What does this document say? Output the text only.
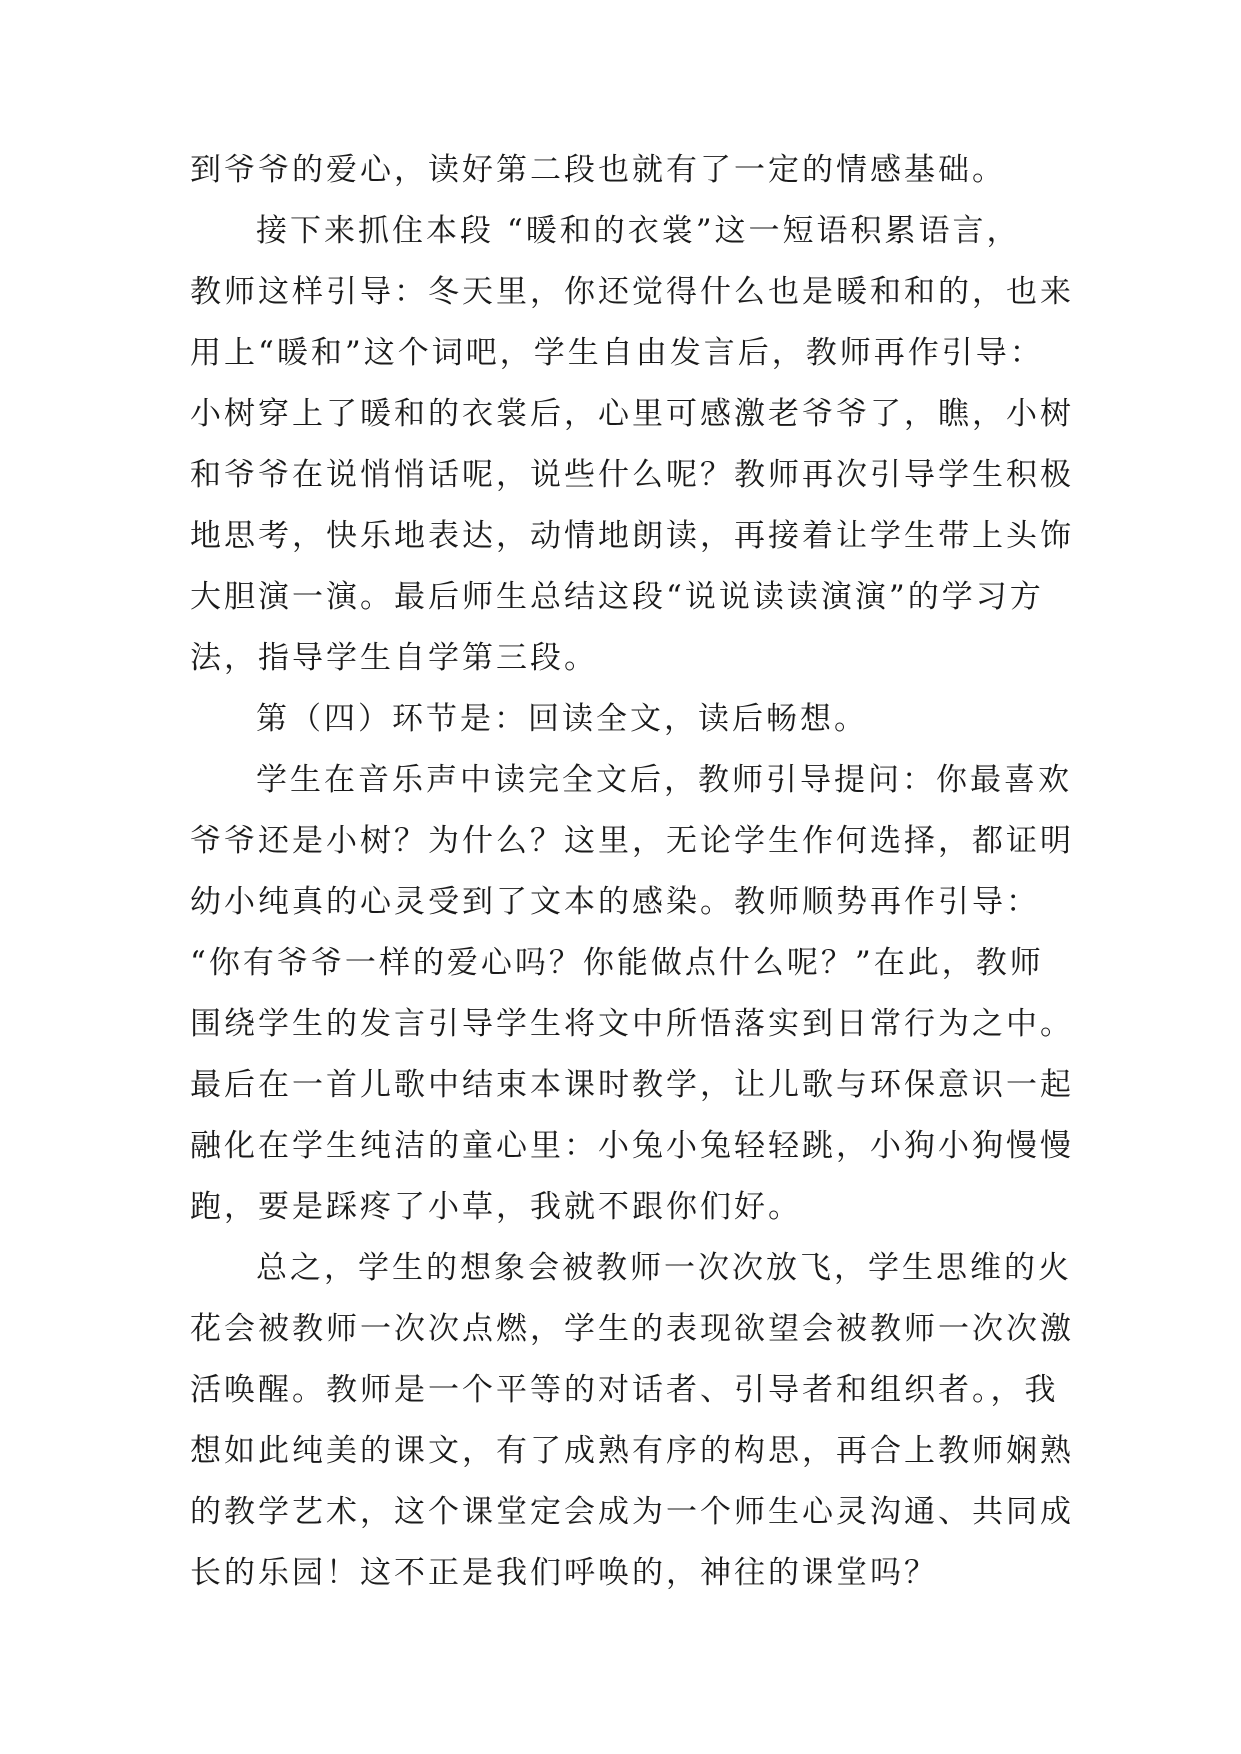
到爷爷的爱心，读好第二段也就有了一定的情感基础。
接下来抓住本段 “暖和的衣裳”这一短语积累语言，
教师这样引导：冬天里，你还觉得什么也是暖和和的，也来
用上“暖和”这个词吧，学生自由发言后，教师再作引导：
小树穿上了暖和的衣裳后，心里可感激老爷爷了，瞧，小树
和爷爷在说悄悄话呢，说些什么呢？教师再次引导学生积极
地思考，快乐地表达，动情地朗读，再接着让学生带上头饰
大胆演一演。最后师生总结这段“说说读读演演”的学习方
法，指导学生自学第三段。
第（四）环节是：回读全文，读后畅想。
学生在音乐声中读完全文后，教师引导提问：你最喜欢
爷爷还是小树？为什么？这里，无论学生作何选择，都证明
幼小纯真的心灵受到了文本的感染。教师顺势再作引导：
“你有爷爷一样的爱心吗？你能做点什么呢？”在此，教师
围绕学生的发言引导学生将文中所悟落实到日常行为之中。
最后在一首儿歌中结束本课时教学，让儿歌与环保意识一起
融化在学生纯洁的童心里：小兔小兔轻轻跳，小狗小狗慢慢
跑，要是踩疼了小草，我就不跟你们好。
总之，学生的想象会被教师一次次放飞，学生思维的火
花会被教师一次次点燃，学生的表现欲望会被教师一次次激
活唤醒。教师是一个平等的对话者、引导者和组织者。，我
想如此纯美的课文，有了成熟有序的构思，再合上教师娴熟
的教学艺术，这个课堂定会成为一个师生心灵沟通、共同成
长的乐园！这不正是我们呼唤的，神往的课堂吗？
